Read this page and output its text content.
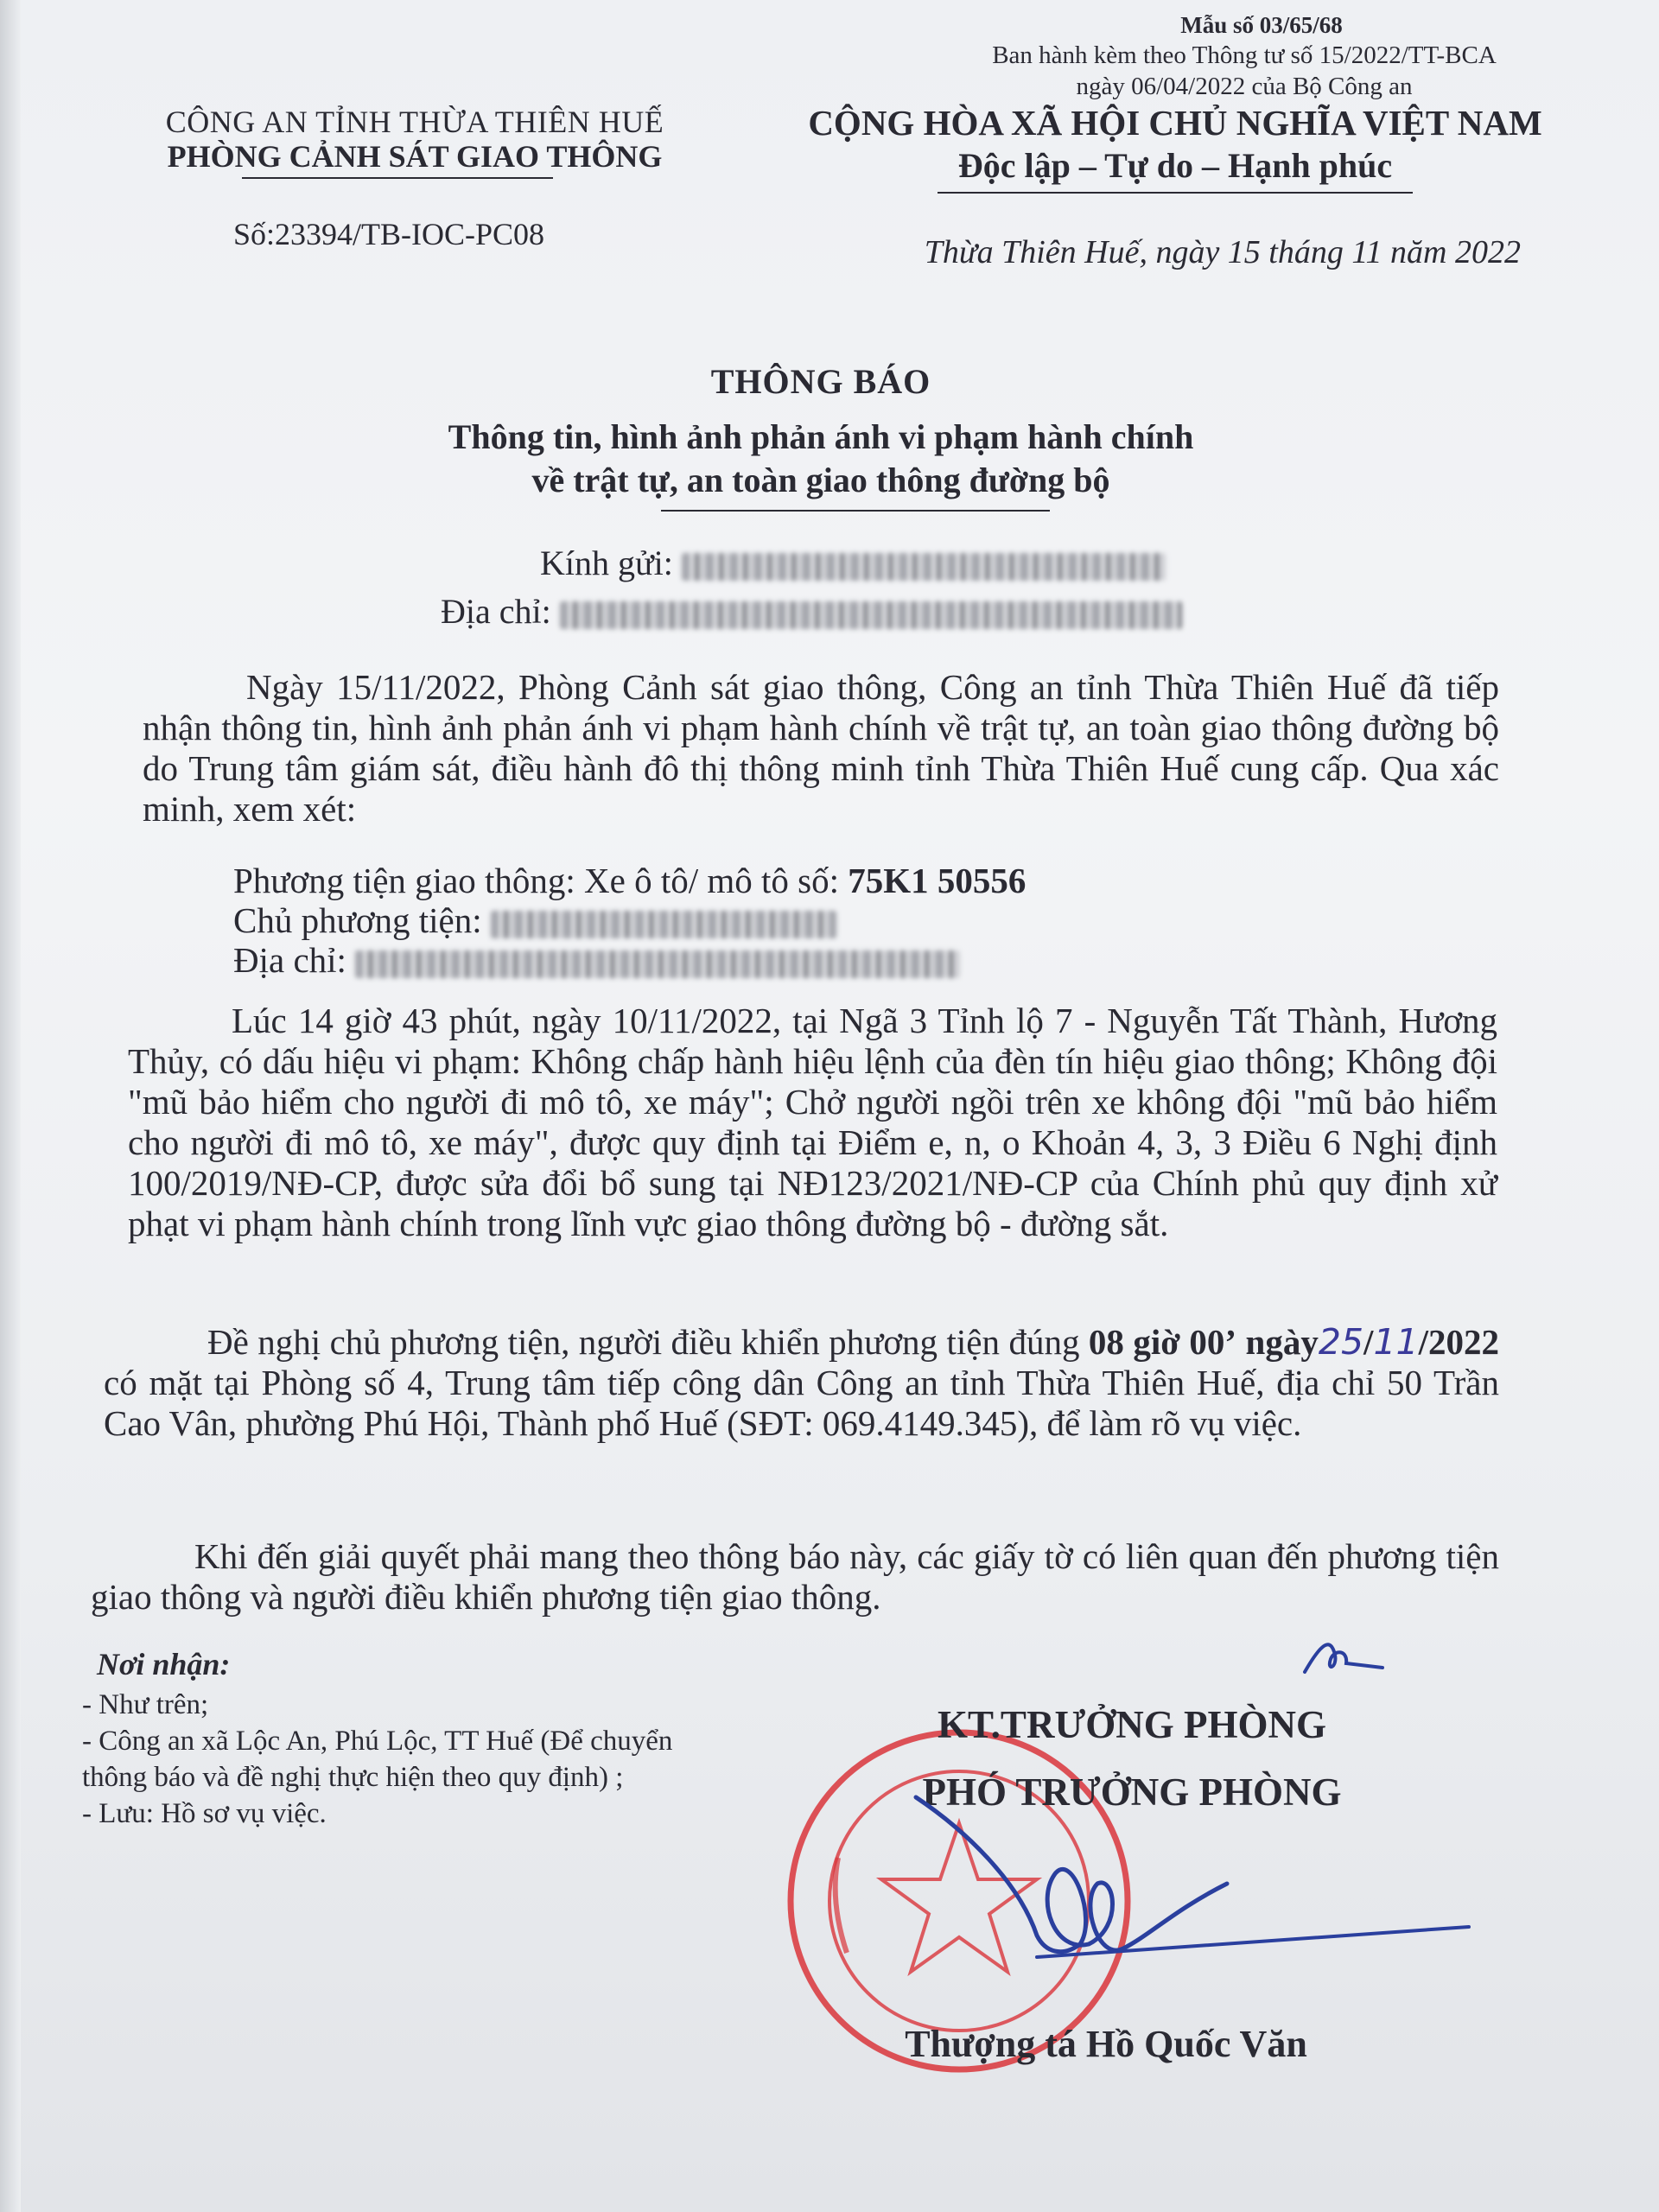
Mẫu số 03/65/68
Ban hành kèm theo Thông tư số 15/2022/TT-BCA
ngày 06/04/2022 của Bộ Công an
CÔNG AN TỈNH THỪA THIÊN HUẾ
PHÒNG CẢNH SÁT GIAO THÔNG
Số:23394/TB-IOC-PC08
CỘNG HÒA XÃ HỘI CHỦ NGHĨA VIỆT NAM
Độc lập – Tự do – Hạnh phúc
Thừa Thiên Huế, ngày 15 tháng 11 năm 2022
THÔNG BÁO
Thông tin, hình ảnh phản ánh vi phạm hành chính
về trật tự, an toàn giao thông đường bộ
Kính gửi:
Địa chỉ:
Ngày 15/11/2022, Phòng Cảnh sát giao thông, Công an tỉnh Thừa Thiên Huế đã tiếp nhận thông tin, hình ảnh phản ánh vi phạm hành chính về trật tự, an toàn giao thông đường bộ do Trung tâm giám sát, điều hành đô thị thông minh tỉnh Thừa Thiên Huế cung cấp. Qua xác minh, xem xét:
Phương tiện giao thông: Xe ô tô/ mô tô số: 75K1 50556
Chủ phương tiện:
Địa chỉ:
Lúc 14 giờ 43 phút, ngày 10/11/2022, tại Ngã 3 Tỉnh lộ 7 - Nguyễn Tất Thành, Hương Thủy, có dấu hiệu vi phạm: Không chấp hành hiệu lệnh của đèn tín hiệu giao thông; Không đội "mũ bảo hiểm cho người đi mô tô, xe máy"; Chở người ngồi trên xe không đội "mũ bảo hiểm cho người đi mô tô, xe máy", được quy định tại Điểm e, n, o Khoản 4, 3, 3 Điều 6 Nghị định 100/2019/NĐ-CP, được sửa đổi bổ sung tại NĐ123/2021/NĐ-CP của Chính phủ quy định xử phạt vi phạm hành chính trong lĩnh vực giao thông đường bộ - đường sắt.
Đề nghị chủ phương tiện, người điều khiển phương tiện đúng 08 giờ 00’ ngày25/11/2022 có mặt tại Phòng số 4, Trung tâm tiếp công dân Công an tỉnh Thừa Thiên Huế, địa chỉ 50 Trần Cao Vân, phường Phú Hội, Thành phố Huế (SĐT: 069.4149.345), để làm rõ vụ việc.
Khi đến giải quyết phải mang theo thông báo này, các giấy tờ có liên quan đến phương tiện giao thông và người điều khiển phương tiện giao thông.
Nơi nhận:
- Như trên;
- Công an xã Lộc An, Phú Lộc, TT Huế (Để chuyển thông báo và đề nghị thực hiện theo quy định) ;
- Lưu: Hồ sơ vụ việc.
KT.TRƯỞNG PHÒNG
PHÓ TRƯỞNG PHÒNG
Thượng tá Hồ Quốc Văn
